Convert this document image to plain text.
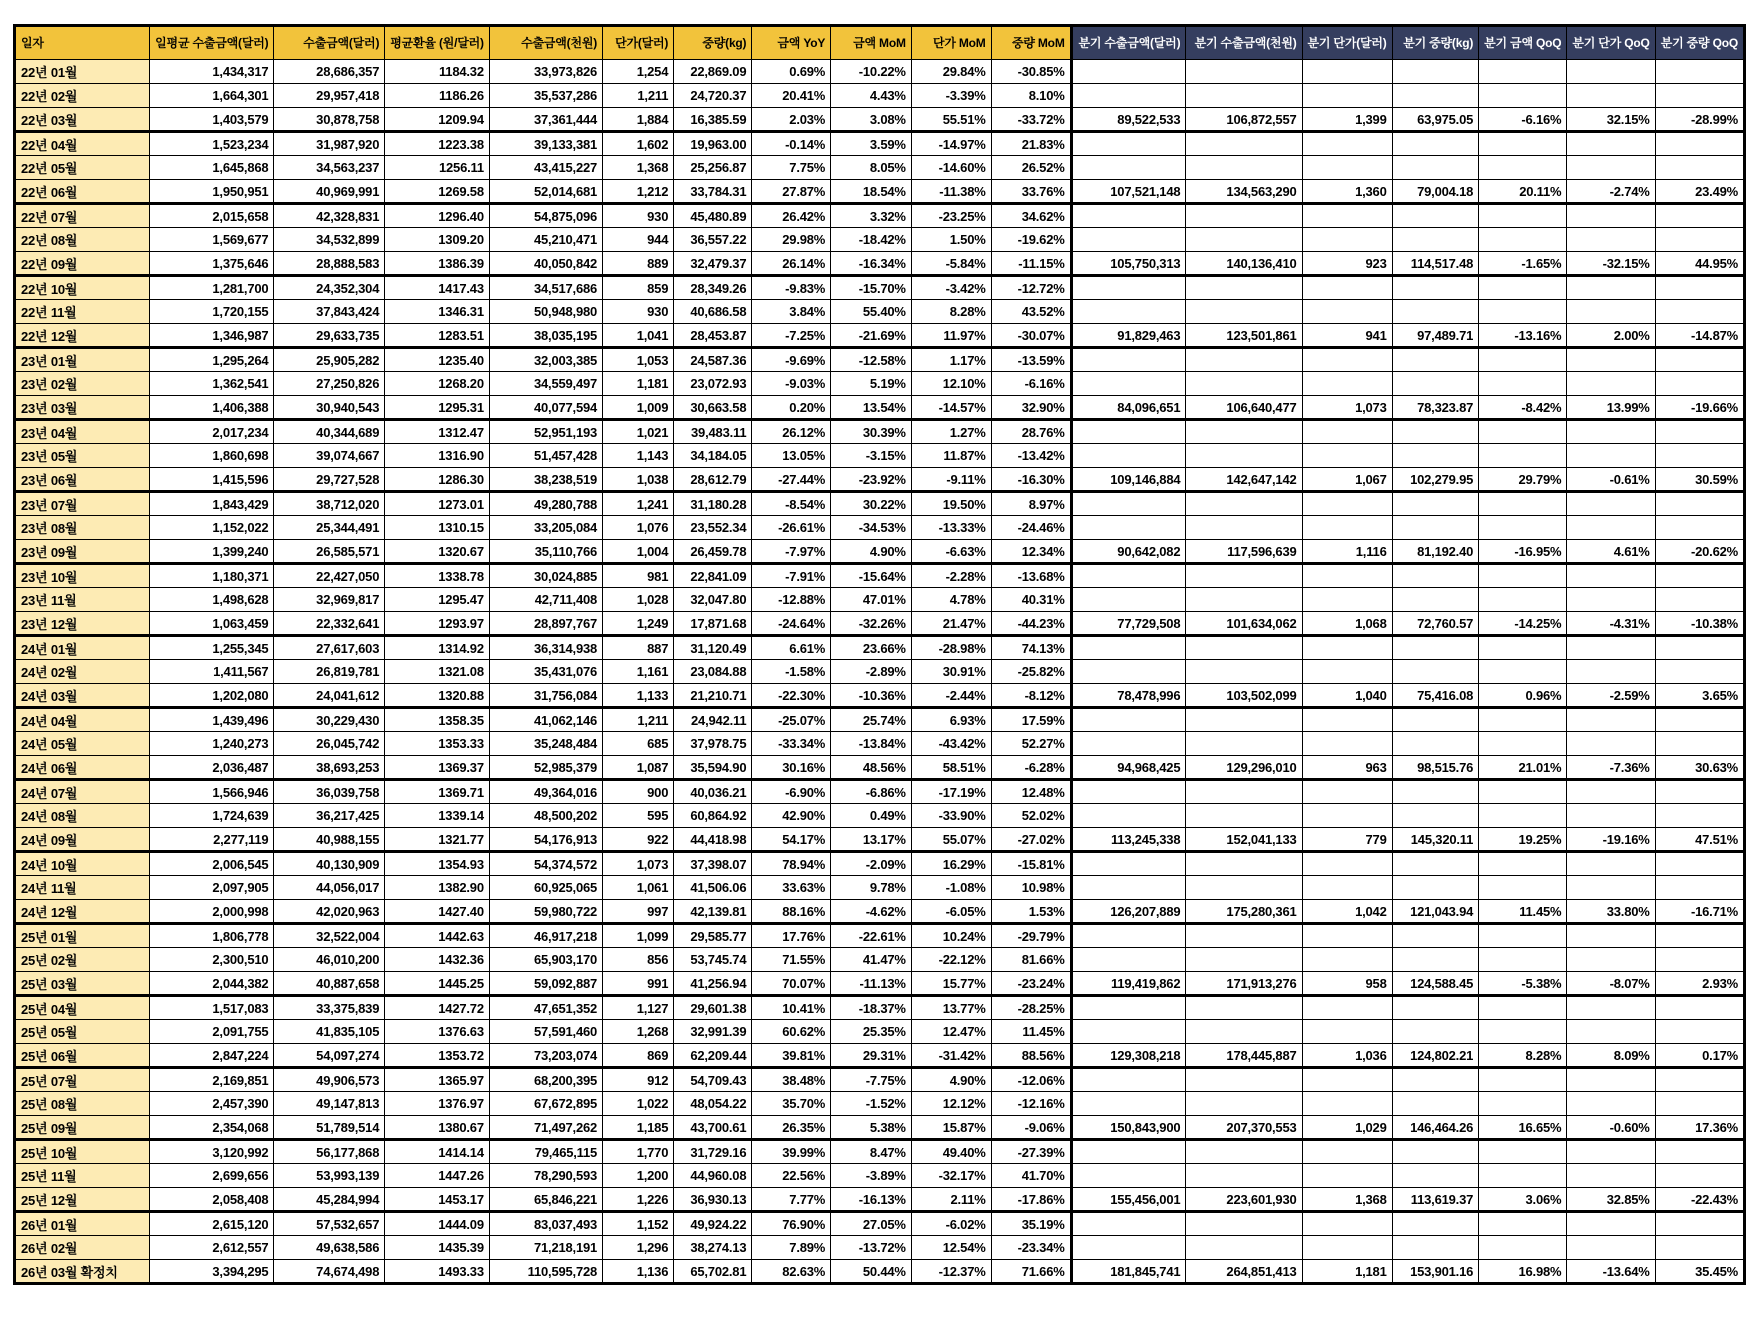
일자	일평균 수출금액(달러)	수출금액(달러)	평균환율 (원/달러)	수출금액(천원)	단가(달러)	중량(kg)	금액 YoY	금액 MoM	단가 MoM	중량 MoM	분기 수출금액(달러)	분기 수출금액(천원)	분기 단가(달러)	분기 중량(kg)	분기 금액 QoQ	분기 단가 QoQ	분기 중량 QoQ
22년 01월	1,434,317	28,686,357	1184.32	33,973,826	1,254	22,869.09	0.69%	-10.22%	29.84%	-30.85%							
22년 02월	1,664,301	29,957,418	1186.26	35,537,286	1,211	24,720.37	20.41%	4.43%	-3.39%	8.10%							
22년 03월	1,403,579	30,878,758	1209.94	37,361,444	1,884	16,385.59	2.03%	3.08%	55.51%	-33.72%	89,522,533	106,872,557	1,399	63,975.05	-6.16%	32.15%	-28.99%
22년 04월	1,523,234	31,987,920	1223.38	39,133,381	1,602	19,963.00	-0.14%	3.59%	-14.97%	21.83%							
22년 05월	1,645,868	34,563,237	1256.11	43,415,227	1,368	25,256.87	7.75%	8.05%	-14.60%	26.52%							
22년 06월	1,950,951	40,969,991	1269.58	52,014,681	1,212	33,784.31	27.87%	18.54%	-11.38%	33.76%	107,521,148	134,563,290	1,360	79,004.18	20.11%	-2.74%	23.49%
22년 07월	2,015,658	42,328,831	1296.40	54,875,096	930	45,480.89	26.42%	3.32%	-23.25%	34.62%							
22년 08월	1,569,677	34,532,899	1309.20	45,210,471	944	36,557.22	29.98%	-18.42%	1.50%	-19.62%							
22년 09월	1,375,646	28,888,583	1386.39	40,050,842	889	32,479.37	26.14%	-16.34%	-5.84%	-11.15%	105,750,313	140,136,410	923	114,517.48	-1.65%	-32.15%	44.95%
22년 10월	1,281,700	24,352,304	1417.43	34,517,686	859	28,349.26	-9.83%	-15.70%	-3.42%	-12.72%							
22년 11월	1,720,155	37,843,424	1346.31	50,948,980	930	40,686.58	3.84%	55.40%	8.28%	43.52%							
22년 12월	1,346,987	29,633,735	1283.51	38,035,195	1,041	28,453.87	-7.25%	-21.69%	11.97%	-30.07%	91,829,463	123,501,861	941	97,489.71	-13.16%	2.00%	-14.87%
23년 01월	1,295,264	25,905,282	1235.40	32,003,385	1,053	24,587.36	-9.69%	-12.58%	1.17%	-13.59%							
23년 02월	1,362,541	27,250,826	1268.20	34,559,497	1,181	23,072.93	-9.03%	5.19%	12.10%	-6.16%							
23년 03월	1,406,388	30,940,543	1295.31	40,077,594	1,009	30,663.58	0.20%	13.54%	-14.57%	32.90%	84,096,651	106,640,477	1,073	78,323.87	-8.42%	13.99%	-19.66%
23년 04월	2,017,234	40,344,689	1312.47	52,951,193	1,021	39,483.11	26.12%	30.39%	1.27%	28.76%							
23년 05월	1,860,698	39,074,667	1316.90	51,457,428	1,143	34,184.05	13.05%	-3.15%	11.87%	-13.42%							
23년 06월	1,415,596	29,727,528	1286.30	38,238,519	1,038	28,612.79	-27.44%	-23.92%	-9.11%	-16.30%	109,146,884	142,647,142	1,067	102,279.95	29.79%	-0.61%	30.59%
23년 07월	1,843,429	38,712,020	1273.01	49,280,788	1,241	31,180.28	-8.54%	30.22%	19.50%	8.97%							
23년 08월	1,152,022	25,344,491	1310.15	33,205,084	1,076	23,552.34	-26.61%	-34.53%	-13.33%	-24.46%							
23년 09월	1,399,240	26,585,571	1320.67	35,110,766	1,004	26,459.78	-7.97%	4.90%	-6.63%	12.34%	90,642,082	117,596,639	1,116	81,192.40	-16.95%	4.61%	-20.62%
23년 10월	1,180,371	22,427,050	1338.78	30,024,885	981	22,841.09	-7.91%	-15.64%	-2.28%	-13.68%							
23년 11월	1,498,628	32,969,817	1295.47	42,711,408	1,028	32,047.80	-12.88%	47.01%	4.78%	40.31%							
23년 12월	1,063,459	22,332,641	1293.97	28,897,767	1,249	17,871.68	-24.64%	-32.26%	21.47%	-44.23%	77,729,508	101,634,062	1,068	72,760.57	-14.25%	-4.31%	-10.38%
24년 01월	1,255,345	27,617,603	1314.92	36,314,938	887	31,120.49	6.61%	23.66%	-28.98%	74.13%							
24년 02월	1,411,567	26,819,781	1321.08	35,431,076	1,161	23,084.88	-1.58%	-2.89%	30.91%	-25.82%							
24년 03월	1,202,080	24,041,612	1320.88	31,756,084	1,133	21,210.71	-22.30%	-10.36%	-2.44%	-8.12%	78,478,996	103,502,099	1,040	75,416.08	0.96%	-2.59%	3.65%
24년 04월	1,439,496	30,229,430	1358.35	41,062,146	1,211	24,942.11	-25.07%	25.74%	6.93%	17.59%							
24년 05월	1,240,273	26,045,742	1353.33	35,248,484	685	37,978.75	-33.34%	-13.84%	-43.42%	52.27%							
24년 06월	2,036,487	38,693,253	1369.37	52,985,379	1,087	35,594.90	30.16%	48.56%	58.51%	-6.28%	94,968,425	129,296,010	963	98,515.76	21.01%	-7.36%	30.63%
24년 07월	1,566,946	36,039,758	1369.71	49,364,016	900	40,036.21	-6.90%	-6.86%	-17.19%	12.48%							
24년 08월	1,724,639	36,217,425	1339.14	48,500,202	595	60,864.92	42.90%	0.49%	-33.90%	52.02%							
24년 09월	2,277,119	40,988,155	1321.77	54,176,913	922	44,418.98	54.17%	13.17%	55.07%	-27.02%	113,245,338	152,041,133	779	145,320.11	19.25%	-19.16%	47.51%
24년 10월	2,006,545	40,130,909	1354.93	54,374,572	1,073	37,398.07	78.94%	-2.09%	16.29%	-15.81%							
24년 11월	2,097,905	44,056,017	1382.90	60,925,065	1,061	41,506.06	33.63%	9.78%	-1.08%	10.98%							
24년 12월	2,000,998	42,020,963	1427.40	59,980,722	997	42,139.81	88.16%	-4.62%	-6.05%	1.53%	126,207,889	175,280,361	1,042	121,043.94	11.45%	33.80%	-16.71%
25년 01월	1,806,778	32,522,004	1442.63	46,917,218	1,099	29,585.77	17.76%	-22.61%	10.24%	-29.79%							
25년 02월	2,300,510	46,010,200	1432.36	65,903,170	856	53,745.74	71.55%	41.47%	-22.12%	81.66%							
25년 03월	2,044,382	40,887,658	1445.25	59,092,887	991	41,256.94	70.07%	-11.13%	15.77%	-23.24%	119,419,862	171,913,276	958	124,588.45	-5.38%	-8.07%	2.93%
25년 04월	1,517,083	33,375,839	1427.72	47,651,352	1,127	29,601.38	10.41%	-18.37%	13.77%	-28.25%							
25년 05월	2,091,755	41,835,105	1376.63	57,591,460	1,268	32,991.39	60.62%	25.35%	12.47%	11.45%							
25년 06월	2,847,224	54,097,274	1353.72	73,203,074	869	62,209.44	39.81%	29.31%	-31.42%	88.56%	129,308,218	178,445,887	1,036	124,802.21	8.28%	8.09%	0.17%
25년 07월	2,169,851	49,906,573	1365.97	68,200,395	912	54,709.43	38.48%	-7.75%	4.90%	-12.06%							
25년 08월	2,457,390	49,147,813	1376.97	67,672,895	1,022	48,054.22	35.70%	-1.52%	12.12%	-12.16%							
25년 09월	2,354,068	51,789,514	1380.67	71,497,262	1,185	43,700.61	26.35%	5.38%	15.87%	-9.06%	150,843,900	207,370,553	1,029	146,464.26	16.65%	-0.60%	17.36%
25년 10월	3,120,992	56,177,868	1414.14	79,465,115	1,770	31,729.16	39.99%	8.47%	49.40%	-27.39%							
25년 11월	2,699,656	53,993,139	1447.26	78,290,593	1,200	44,960.08	22.56%	-3.89%	-32.17%	41.70%							
25년 12월	2,058,408	45,284,994	1453.17	65,846,221	1,226	36,930.13	7.77%	-16.13%	2.11%	-17.86%	155,456,001	223,601,930	1,368	113,619.37	3.06%	32.85%	-22.43%
26년 01월	2,615,120	57,532,657	1444.09	83,037,493	1,152	49,924.22	76.90%	27.05%	-6.02%	35.19%							
26년 02월	2,612,557	49,638,586	1435.39	71,218,191	1,296	38,274.13	7.89%	-13.72%	12.54%	-23.34%							
26년 03월 확정치	3,394,295	74,674,498	1493.33	110,595,728	1,136	65,702.81	82.63%	50.44%	-12.37%	71.66%	181,845,741	264,851,413	1,181	153,901.16	16.98%	-13.64%	35.45%
